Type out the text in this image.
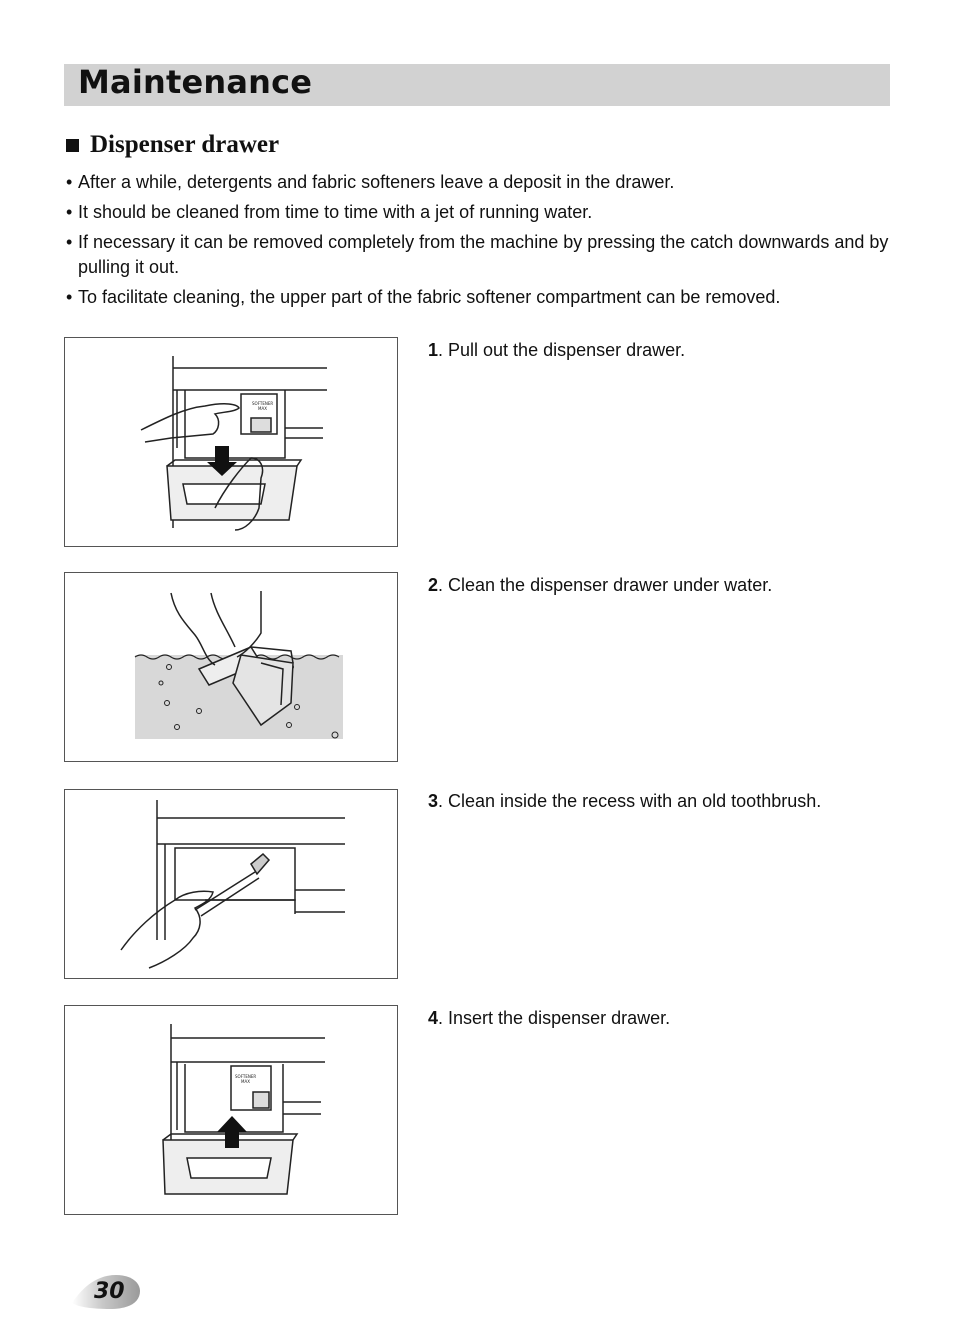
Maintenance
Dispenser drawer
• After a while, detergents and fabric softeners leave a deposit in the drawer.
• It should be cleaned from time to time with a jet of running water.
• If necessary it can be removed completely from the machine by pressing the catch downwards and by pulling it out.
• To facilitate cleaning, the upper part of the fabric softener compartment can be removed.
SOFTENER
MAX
SOFTENER
MAX
1. Pull out the dispenser drawer.
2. Clean the dispenser drawer under water.
3. Clean inside the recess with an old toothbrush.
4. Insert the dispenser drawer.
30
